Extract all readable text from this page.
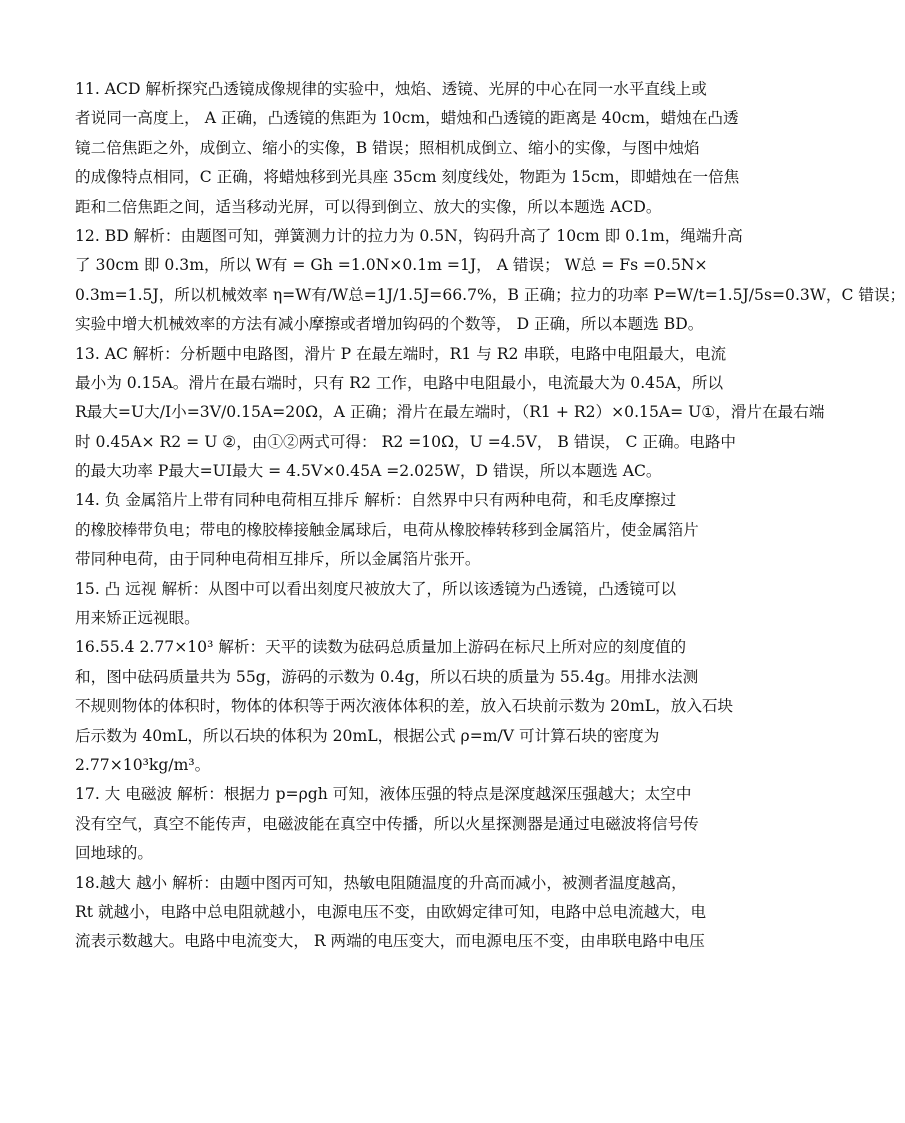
11. ACD 解析探究凸透镜成像规律的实验中，烛焰、透镜、光屏的中心在同一水平直线上或
者说同一高度上， A 正确，凸透镜的焦距为 10cm，蜡烛和凸透镜的距离是 40cm，蜡烛在凸透
镜二倍焦距之外，成倒立、缩小的实像，B 错误；照相机成倒立、缩小的实像，与图中烛焰
的成像特点相同，C 正确，将蜡烛移到光具座 35cm 刻度线处，物距为 15cm，即蜡烛在一倍焦
距和二倍焦距之间，适当移动光屏，可以得到倒立、放大的实像，所以本题选 ACD。
12. BD 解析：由题图可知，弹簧测力计的拉力为 0.5N，钩码升高了 10cm 即 0.1m，绳端升高
了 30cm 即 0.3m，所以 W有 = Gh =1.0N×0.1m =1J， A 错误； W总 = Fs =0.5N×
0.3m=1.5J，所以机械效率 η=W有/W总=1J/1.5J=66.7%，B 正确；拉力的功率 P=W/t=1.5J/5s=0.3W，C 错误；
实验中增大机械效率的方法有减小摩擦或者增加钩码的个数等， D 正确，所以本题选 BD。
13. AC 解析：分析题中电路图，滑片 P 在最左端时，R1 与 R2 串联，电路中电阻最大，电流
最小为 0.15A。滑片在最右端时，只有 R2 工作，电路中电阻最小，电流最大为 0.45A，所以
R最大=U大/I小=3V/0.15A=20Ω，A 正确；滑片在最左端时，（R1 + R2）×0.15A= U①，滑片在最右端
时 0.45A× R2 = U ②，由①②两式可得： R2 =10Ω，U =4.5V， B 错误， C 正确。电路中
的最大功率 P最大=UI最大 = 4.5V×0.45A =2.025W，D 错误，所以本题选 AC。
14. 负 金属箔片上带有同种电荷相互排斥 解析：自然界中只有两种电荷，和毛皮摩擦过
的橡胶棒带负电；带电的橡胶棒接触金属球后，电荷从橡胶棒转移到金属箔片，使金属箔片
带同种电荷，由于同种电荷相互排斥，所以金属箔片张开。
15. 凸 远视 解析：从图中可以看出刻度尺被放大了，所以该透镜为凸透镜，凸透镜可以
用来矫正远视眼。
16.55.4 2.77×10³ 解析：天平的读数为砝码总质量加上游码在标尺上所对应的刻度值的
和，图中砝码质量共为 55g，游码的示数为 0.4g，所以石块的质量为 55.4g。用排水法测
不规则物体的体积时，物体的体积等于两次液体体积的差，放入石块前示数为 20mL，放入石块
后示数为 40mL，所以石块的体积为 20mL，根据公式 ρ=m/V 可计算石块的密度为
2.77×10³kg/m³。
17. 大 电磁波 解析：根据力 p=ρgh 可知，液体压强的特点是深度越深压强越大；太空中
没有空气，真空不能传声，电磁波能在真空中传播，所以火星探测器是通过电磁波将信号传
回地球的。
18.越大 越小 解析：由题中图丙可知，热敏电阻随温度的升高而减小，被测者温度越高，
Rt 就越小，电路中总电阻就越小，电源电压不变，由欧姆定律可知，电路中总电流越大，电
流表示数越大。电路中电流变大， R 两端的电压变大，而电源电压不变，由串联电路中电压
